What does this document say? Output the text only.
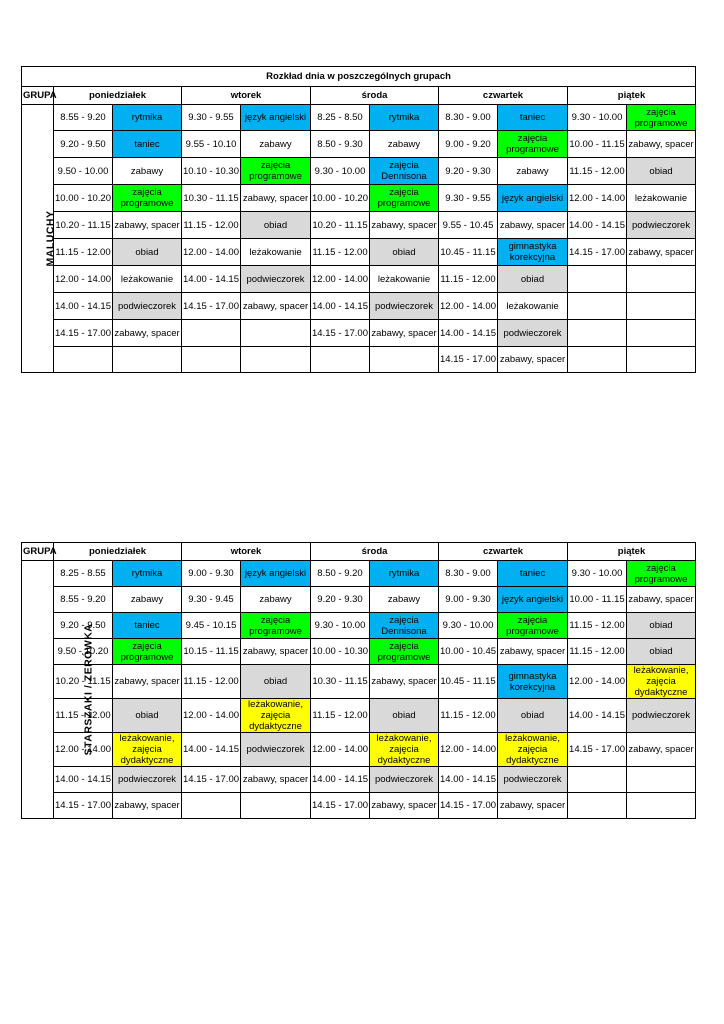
Rozkład dnia w poszczególnych grupach										
GRUPA	poniedziałek		wtorek		środa		czwartek		piątek	
MALUCHY	8.55 - 9.20	rytmika	9.30 - 9.55	język angielski	8.25 - 8.50	rytmika	8.30 - 9.00	taniec	9.30 - 10.00	zajęcia programowe
	9.20 - 9.50	taniec	9.55 - 10.10	zabawy	8.50 - 9.30	zabawy	9.00 - 9.20	zajęcia programowe	10.00 - 11.15	zabawy, spacer
	9.50 - 10.00	zabawy	10.10 - 10.30	zajęcia programowe	9.30 - 10.00	zajęcia Dennisona	9.20 - 9.30	zabawy	11.15 - 12.00	obiad
	10.00 - 10.20	zajęcia programowe	10.30 - 11.15	zabawy, spacer	10.00 - 10.20	zajęcia programowe	9.30 - 9.55	język angielski	12.00 - 14.00	leżakowanie
	10.20 - 11.15	zabawy, spacer	11.15 - 12.00	obiad	10.20 - 11.15	zabawy, spacer	9.55 - 10.45	zabawy, spacer	14.00 - 14.15	podwieczorek
	11.15 - 12.00	obiad	12.00 - 14.00	leżakowanie	11.15 - 12.00	obiad	10.45 - 11.15	gimnastyka korekcyjna	14.15 - 17.00	zabawy, spacer
	12.00 - 14.00	leżakowanie	14.00 - 14.15	podwieczorek	12.00 - 14.00	leżakowanie	11.15 - 12.00	obiad		
	14.00 - 14.15	podwieczorek	14.15 - 17.00	zabawy, spacer	14.00 - 14.15	podwieczorek	12.00 - 14.00	leżakowanie		
	14.15 - 17.00	zabawy, spacer			14.15 - 17.00	zabawy, spacer	14.00 - 14.15	podwieczorek		
							14.15 - 17.00	zabawy, spacer		
GRUPA	poniedziałek		wtorek		środa		czwartek		piątek	
STARSZAKI / ZERÓWKA	8.25 - 8.55	rytmika	9.00 - 9.30	język angielski	8.50 - 9.20	rytmika	8.30 - 9.00	taniec	9.30 - 10.00	zajęcia programowe
	8.55 - 9.20	zabawy	9.30 - 9.45	zabawy	9.20 - 9.30	zabawy	9.00 - 9.30	język angielski	10.00 - 11.15	zabawy, spacer
	9.20 - 9.50	taniec	9.45 - 10.15	zajęcia programowe	9.30 - 10.00	zajęcia Dennisona	9.30 - 10.00	zajęcia programowe	11.15 - 12.00	obiad
	9.50 - 10.20	zajęcia programowe	10.15 - 11.15	zabawy, spacer	10.00 - 10.30	zajęcia programowe	10.00 - 10.45	zabawy, spacer	11.15 - 12.00	obiad
	10.20 - 11.15	zabawy, spacer	11.15 - 12.00	obiad	10.30 - 11.15	zabawy, spacer	10.45 - 11.15	gimnastyka korekcyjna	12.00 - 14.00	leżakowanie, zajęcia dydaktyczne
	11.15 - 12.00	obiad	12.00 - 14.00	leżakowanie, zajęcia dydaktyczne	11.15 - 12.00	obiad	11.15 - 12.00	obiad	14.00 - 14.15	podwieczorek
	12.00 - 14.00	leżakowanie, zajęcia dydaktyczne	14.00 - 14.15	podwieczorek	12.00 - 14.00	leżakowanie, zajęcia dydaktyczne	12.00 - 14.00	leżakowanie, zajęcia dydaktyczne	14.15 - 17.00	zabawy, spacer
	14.00 - 14.15	podwieczorek	14.15 - 17.00	zabawy, spacer	14.00 - 14.15	podwieczorek	14.00 - 14.15	podwieczorek		
	14.15 - 17.00	zabawy, spacer			14.15 - 17.00	zabawy, spacer	14.15 - 17.00	zabawy, spacer		
